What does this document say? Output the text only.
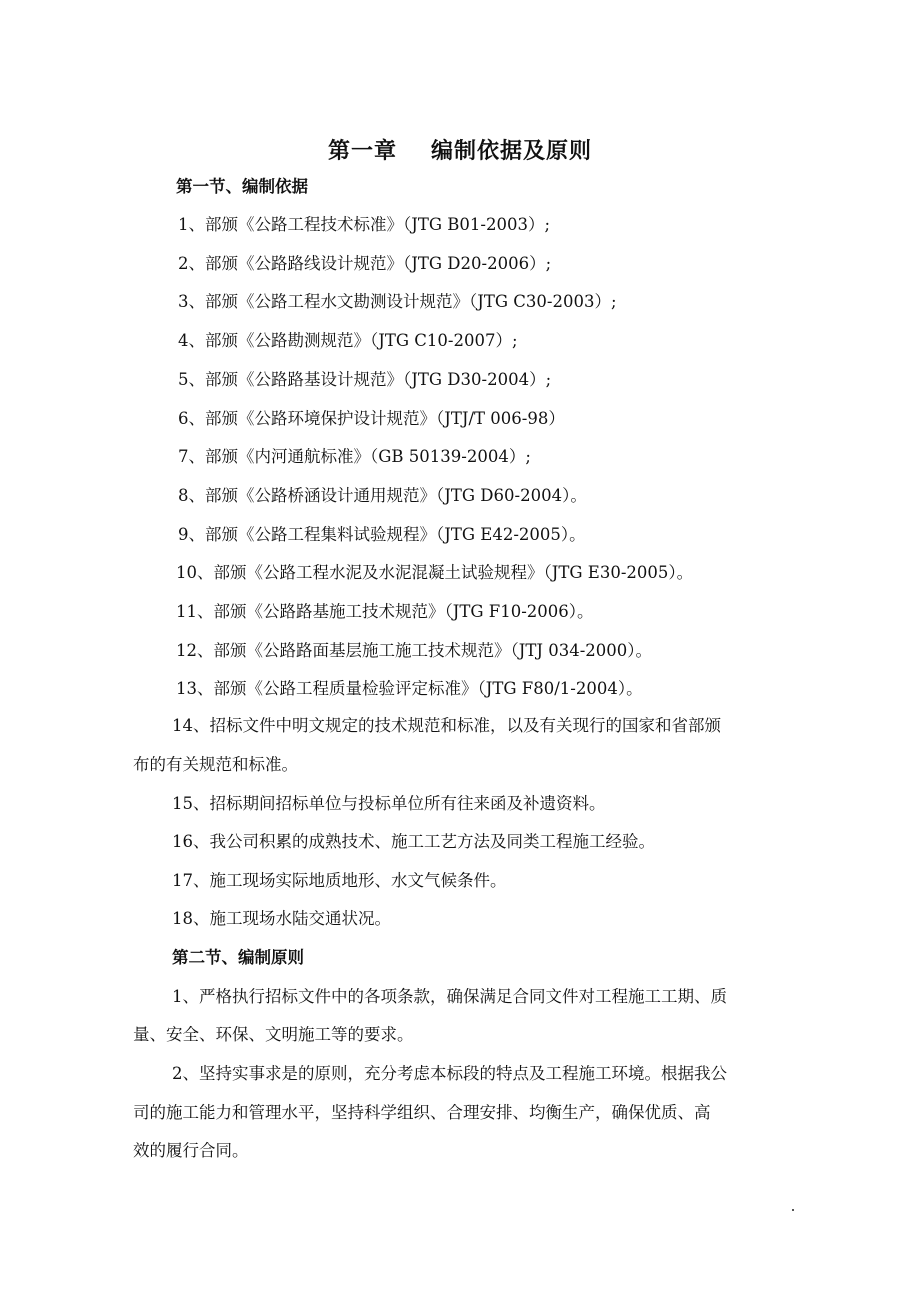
第一章 编制依据及原则
第一节、编制依据
1、部颁《公路工程技术标准》（JTG B01-2003）;
2、部颁《公路路线设计规范》（JTG D20-2006）;
3、部颁《公路工程水文勘测设计规范》（JTG C30-2003）;
4、部颁《公路勘测规范》（JTG C10-2007）;
5、部颁《公路路基设计规范》（JTG D30-2004）;
6、部颁《公路环境保护设计规范》（JTJ/T 006-98）
7、部颁《内河通航标准》（GB 50139-2004）;
8、部颁《公路桥涵设计通用规范》（JTG D60-2004）。
9、部颁《公路工程集料试验规程》（JTG E42-2005）。
10、部颁《公路工程水泥及水泥混凝土试验规程》（JTG E30-2005）。
11、部颁《公路路基施工技术规范》（JTG F10-2006）。
12、部颁《公路路面基层施工施工技术规范》（JTJ 034-2000）。
13、部颁《公路工程质量检验评定标准》（JTG F80/1-2004）。
14、招标文件中明文规定的技术规范和标准，以及有关现行的国家和省部颁
布的有关规范和标准。
15、招标期间招标单位与投标单位所有往来函及补遗资料。
16、我公司积累的成熟技术、施工工艺方法及同类工程施工经验。
17、施工现场实际地质地形、水文气候条件。
18、施工现场水陆交通状况。
第二节、编制原则
1、严格执行招标文件中的各项条款，确保满足合同文件对工程施工工期、质
量、安全、环保、文明施工等的要求。
2、坚持实事求是的原则，充分考虑本标段的特点及工程施工环境。根据我公
司的施工能力和管理水平，坚持科学组织、合理安排、均衡生产，确保优质、高
效的履行合同。
